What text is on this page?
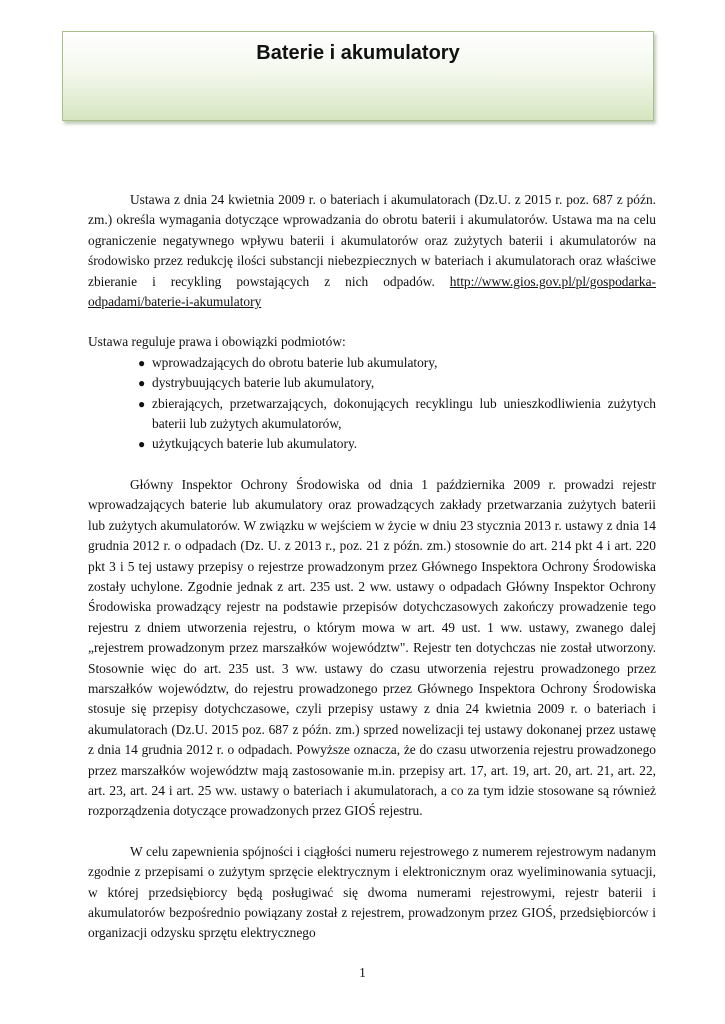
Baterie i akumulatory

Ustawa z dnia 24 kwietnia 2009 r. o bateriach i akumulatorach (Dz.U. z 2015 r. poz. 687 z późn. zm.) określa wymagania dotyczące wprowadzania do obrotu baterii i akumulatorów. Ustawa ma na celu ograniczenie negatywnego wpływu baterii i akumulatorów oraz zużytych baterii i akumulatorów na środowisko przez redukcję ilości substancji niebezpiecznych w bateriach i akumulatorach oraz właściwe zbieranie i recykling powstających z nich odpadów. http://www.gios.gov.pl/pl/gospodarka-odpadami/baterie-i-akumulatory

Ustawa reguluje prawa i obowiązki podmiotów:

● wprowadzających do obrotu baterie lub akumulatory,
● dystrybuujących baterie lub akumulatory,
● zbierających, przetwarzających, dokonujących recyklingu lub unieszkodliwienia zużytych baterii lub zużytych akumulatorów,
● użytkujących baterie lub akumulatory.

Główny Inspektor Ochrony Środowiska od dnia 1 października 2009 r. prowadzi rejestr wprowadzających baterie lub akumulatory oraz prowadzących zakłady przetwarzania zużytych baterii lub zużytych akumulatorów. W związku w wejściem w życie w dniu 23 stycznia 2013 r. ustawy z dnia 14 grudnia 2012 r. o odpadach (Dz. U. z 2013 r., poz. 21 z późn. zm.) stosownie do art. 214 pkt 4 i art. 220 pkt 3 i 5 tej ustawy przepisy o rejestrze prowadzonym przez Głównego Inspektora Ochrony Środowiska zostały uchylone. Zgodnie jednak z art. 235 ust. 2 ww. ustawy o odpadach Główny Inspektor Ochrony Środowiska prowadzący rejestr na podstawie przepisów dotychczasowych zakończy prowadzenie tego rejestru z dniem utworzenia rejestru, o którym mowa w art. 49 ust. 1 ww. ustawy, zwanego dalej „rejestrem prowadzonym przez marszałków województw". Rejestr ten dotychczas nie został utworzony. Stosownie więc do art. 235 ust. 3 ww. ustawy do czasu utworzenia rejestru prowadzonego przez marszałków województw, do rejestru prowadzonego przez Głównego Inspektora Ochrony Środowiska stosuje się przepisy dotychczasowe, czyli przepisy ustawy z dnia 24 kwietnia 2009 r. o bateriach i akumulatorach (Dz.U. 2015 poz. 687 z późn. zm.) sprzed nowelizacji tej ustawy dokonanej przez ustawę z dnia 14 grudnia 2012 r. o odpadach. Powyższe oznacza, że do czasu utworzenia rejestru prowadzonego przez marszałków województw mają zastosowanie m.in. przepisy art. 17, art. 19, art. 20, art. 21, art. 22, art. 23, art. 24 i art. 25 ww. ustawy o bateriach i akumulatorach, a co za tym idzie stosowane są również rozporządzenia dotyczące prowadzonych przez GIOŚ rejestru.

W celu zapewnienia spójności i ciągłości numeru rejestrowego z numerem rejestrowym nadanym zgodnie z przepisami o zużytym sprzęcie elektrycznym i elektronicznym oraz wyeliminowania sytuacji, w której przedsiębiorcy będą posługiwać się dwoma numerami rejestrowymi, rejestr baterii i akumulatorów bezpośrednio powiązany został z rejestrem, prowadzonym przez GIOŚ, przedsiębiorców i organizacji odzysku sprzętu elektrycznego

1
